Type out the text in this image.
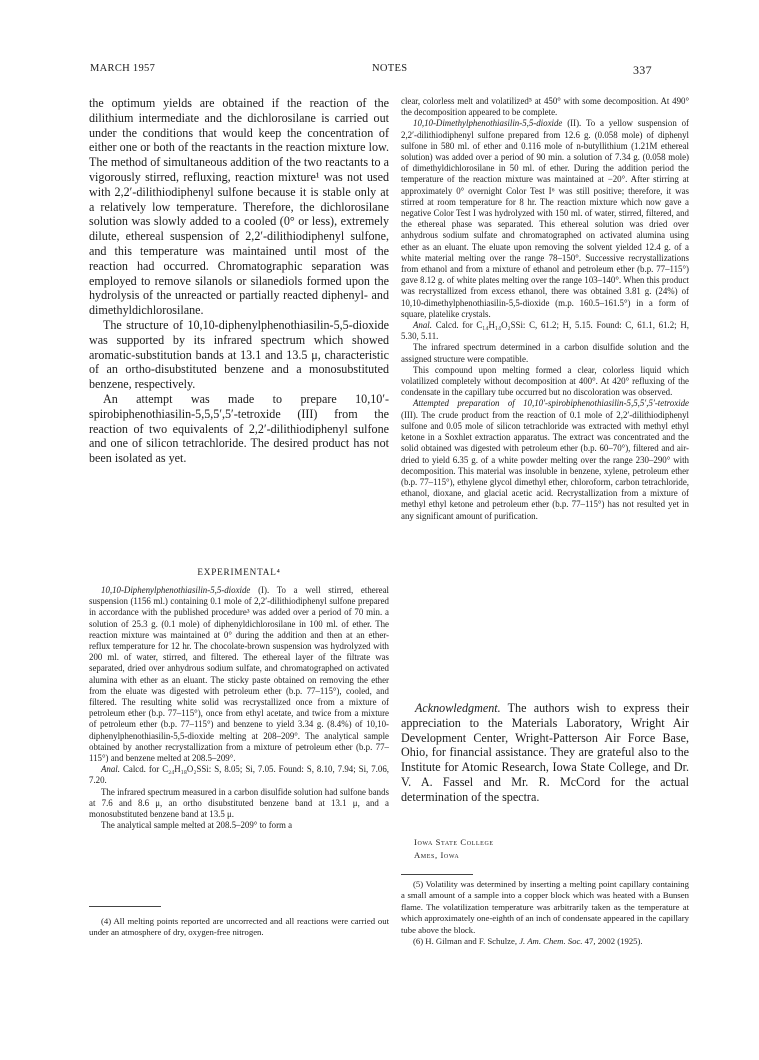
MARCH 1957	NOTES	337

the optimum yields are obtained if the reaction of the dilithium intermediate and the dichlorosilane is carried out under the conditions that would keep the concentration of either one or both of the reactants in the reaction mixture low. The method of simultaneous addition of the two reactants to a vigorously stirred, refluxing, reaction mixture¹ was not used with 2,2′-dilithiodiphenyl sulfone because it is stable only at a relatively low temperature. Therefore, the dichlorosilane solution was slowly added to a cooled (0° or less), extremely dilute, ethereal suspension of 2,2′-dilithiodiphenyl sulfone, and this temperature was maintained until most of the reaction had occurred. Chromatographic separation was employed to remove silanols or silanediols formed upon the hydrolysis of the unreacted or partially reacted diphenyl- and dimethyldichlorosilane.

The structure of 10,10-diphenylphenothiasilin-5,5-dioxide was supported by its infrared spectrum which showed aromatic-substitution bands at 13.1 and 13.5 μ, characteristic of an ortho-disubstituted benzene and a monosubstituted benzene, respectively.

An attempt was made to prepare 10,10′-spirobiphenothiasilin-5,5,5′,5′-tetroxide (III) from the reaction of two equivalents of 2,2′-dilithiodiphenyl sulfone and one of silicon tetrachloride. The desired product has not been isolated as yet.

EXPERIMENTAL⁴

10,10-Diphenylphenothiasilin-5,5-dioxide (I). To a well stirred, ethereal suspension (1156 ml.) containing 0.1 mole of 2,2′-dilithiodiphenyl sulfone prepared in accordance with the published procedure³ was added over a period of 70 min. a solution of 25.3 g. (0.1 mole) of diphenyldichlorosilane in 100 ml. of ether. The reaction mixture was maintained at 0° during the addition and then at an ether-reflux temperature for 12 hr. The chocolate-brown suspension was hydrolyzed with 200 ml. of water, stirred, and filtered. The ethereal layer of the filtrate was separated, dried over anhydrous sodium sulfate, and chromatographed on activated alumina with ether as an eluant. The sticky paste obtained on removing the ether from the eluate was digested with petroleum ether (b.p. 77–115°), cooled, and filtered. The resulting white solid was recrystallized once from a mixture of petroleum ether (b.p. 77–115°), once from ethyl acetate, and twice from a mixture of petroleum ether (b.p. 77–115°) and benzene to yield 3.34 g. (8.4%) of 10,10-diphenylphenothiasilin-5,5-dioxide melting at 208–209°. The analytical sample obtained by another recrystallization from a mixture of petroleum ether (b.p. 77–115°) and benzene melted at 208.5–209°.

Anal. Calcd. for C₂₄H₁₈O₂SSi: S, 8.05; Si, 7.05. Found: S, 8.10, 7.94; Si, 7.06, 7.20.

The infrared spectrum measured in a carbon disulfide solution had sulfone bands at 7.6 and 8.6 μ, an ortho disubstituted benzene band at 13.1 μ, and a monosubstituted benzene band at 13.5 μ.

The analytical sample melted at 208.5–209° to form a

(4) All melting points reported are uncorrected and all reactions were carried out under an atmosphere of dry, oxygen-free nitrogen.

clear, colorless melt and volatilized⁵ at 450° with some decomposition. At 490° the decomposition appeared to be complete.

10,10-Dimethylphenothiasilin-5,5-dioxide (II). To a yellow suspension of 2,2′-dilithiodiphenyl sulfone prepared from 12.6 g. (0.058 mole) of diphenyl sulfone in 580 ml. of ether and 0.116 mole of n-butyllithium (1.21M ethereal solution) was added over a period of 90 min. a solution of 7.34 g. (0.058 mole) of dimethyldichlorosilane in 50 ml. of ether. During the addition period the temperature of the reaction mixture was maintained at −20°. After stirring at approximately 0° overnight Color Test I⁶ was still positive; therefore, it was stirred at room temperature for 8 hr. The reaction mixture which now gave a negative Color Test I was hydrolyzed with 150 ml. of water, stirred, filtered, and the ethereal phase was separated. This ethereal solution was dried over anhydrous sodium sulfate and chromatographed on activated alumina using ether as an eluant. The eluate upon removing the solvent yielded 12.4 g. of a white material melting over the range 78–150°. Successive recrystallizations from ethanol and from a mixture of ethanol and petroleum ether (b.p. 77–115°) gave 8.12 g. of white plates melting over the range 103–140°. When this product was recrystallized from excess ethanol, there was obtained 3.81 g. (24%) of 10,10-dimethylphenothiasilin-5,5-dioxide (m.p. 160.5–161.5°) in a form of square, platelike crystals.

Anal. Calcd. for C₁₄H₁₄O₂SSi: C, 61.2; H, 5.15. Found: C, 61.1, 61.2; H, 5.30, 5.11.

The infrared spectrum determined in a carbon disulfide solution and the assigned structure were compatible.

This compound upon melting formed a clear, colorless liquid which volatilized completely without decomposition at 400°. At 420° refluxing of the condensate in the capillary tube occurred but no discoloration was observed.

Attempted preparation of 10,10′-spirobiphenothiasilin-5,5,5′,5′-tetroxide (III). The crude product from the reaction of 0.1 mole of 2,2′-dilithiodiphenyl sulfone and 0.05 mole of silicon tetrachloride was extracted with methyl ethyl ketone in a Soxhlet extraction apparatus. The extract was concentrated and the solid obtained was digested with petroleum ether (b.p. 60–70°), filtered and air-dried to yield 6.35 g. of a white powder melting over the range 230–290° with decomposition. This material was insoluble in benzene, xylene, petroleum ether (b.p. 77–115°), ethylene glycol dimethyl ether, chloroform, carbon tetrachloride, ethanol, dioxane, and glacial acetic acid. Recrystallization from a mixture of methyl ethyl ketone and petroleum ether (b.p. 77–115°) has not resulted yet in any significant amount of purification.

Acknowledgment. The authors wish to express their appreciation to the Materials Laboratory, Wright Air Development Center, Wright-Patterson Air Force Base, Ohio, for financial assistance. They are grateful also to the Institute for Atomic Research, Iowa State College, and Dr. V. A. Fassel and Mr. R. McCord for the actual determination of the spectra.

Iowa State College
Ames, Iowa

(5) Volatility was determined by inserting a melting point capillary containing a small amount of a sample into a copper block which was heated with a Bunsen flame. The volatilization temperature was arbitrarily taken as the temperature at which approximately one-eighth of an inch of condensate appeared in the capillary tube above the block.

(6) H. Gilman and F. Schulze, J. Am. Chem. Soc. 47, 2002 (1925).
